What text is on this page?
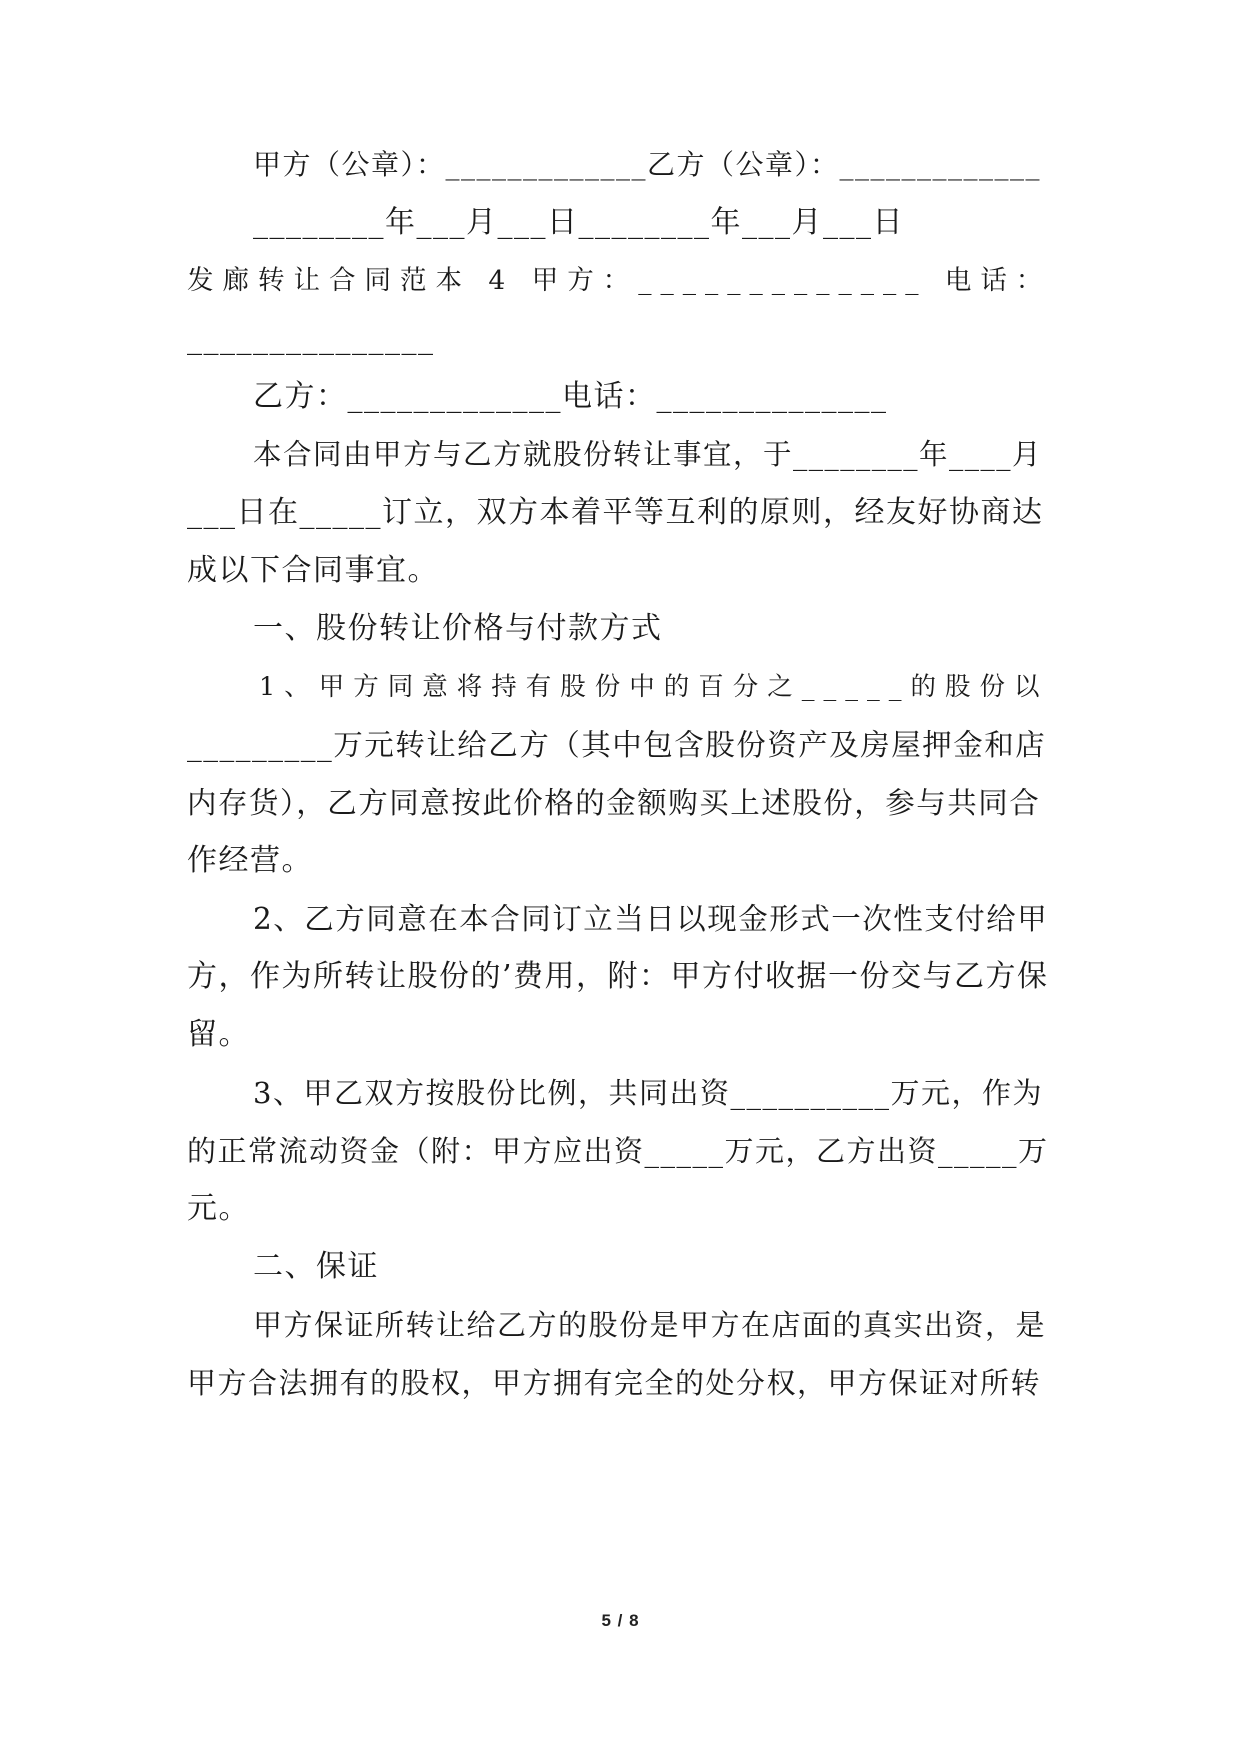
甲方（公章）：_____________乙方（公章）：_____________
________年___月___日________年___月___日
发廊转让合同范本 4 甲方：_____________ 电话：
_______________
乙方：_____________电话：______________
本合同由甲方与乙方就股份转让事宜，于________年____月
___日在_____订立，双方本着平等互利的原则，经友好协商达
成以下合同事宜。
一、股份转让价格与付款方式
1、甲方同意将持有股份中的百分之_____的股份以
_________万元转让给乙方（其中包含股份资产及房屋押金和店
内存货），乙方同意按此价格的金额购买上述股份，参与共同合
作经营。
2、乙方同意在本合同订立当日以现金形式一次性支付给甲
方，作为所转让股份的’费用，附：甲方付收据一份交与乙方保
留。
3、甲乙双方按股份比例，共同出资__________万元，作为
的正常流动资金（附：甲方应出资_____万元，乙方出资_____万
元。
二、保证
甲方保证所转让给乙方的股份是甲方在店面的真实出资，是
甲方合法拥有的股权，甲方拥有完全的处分权，甲方保证对所转
5 / 8
